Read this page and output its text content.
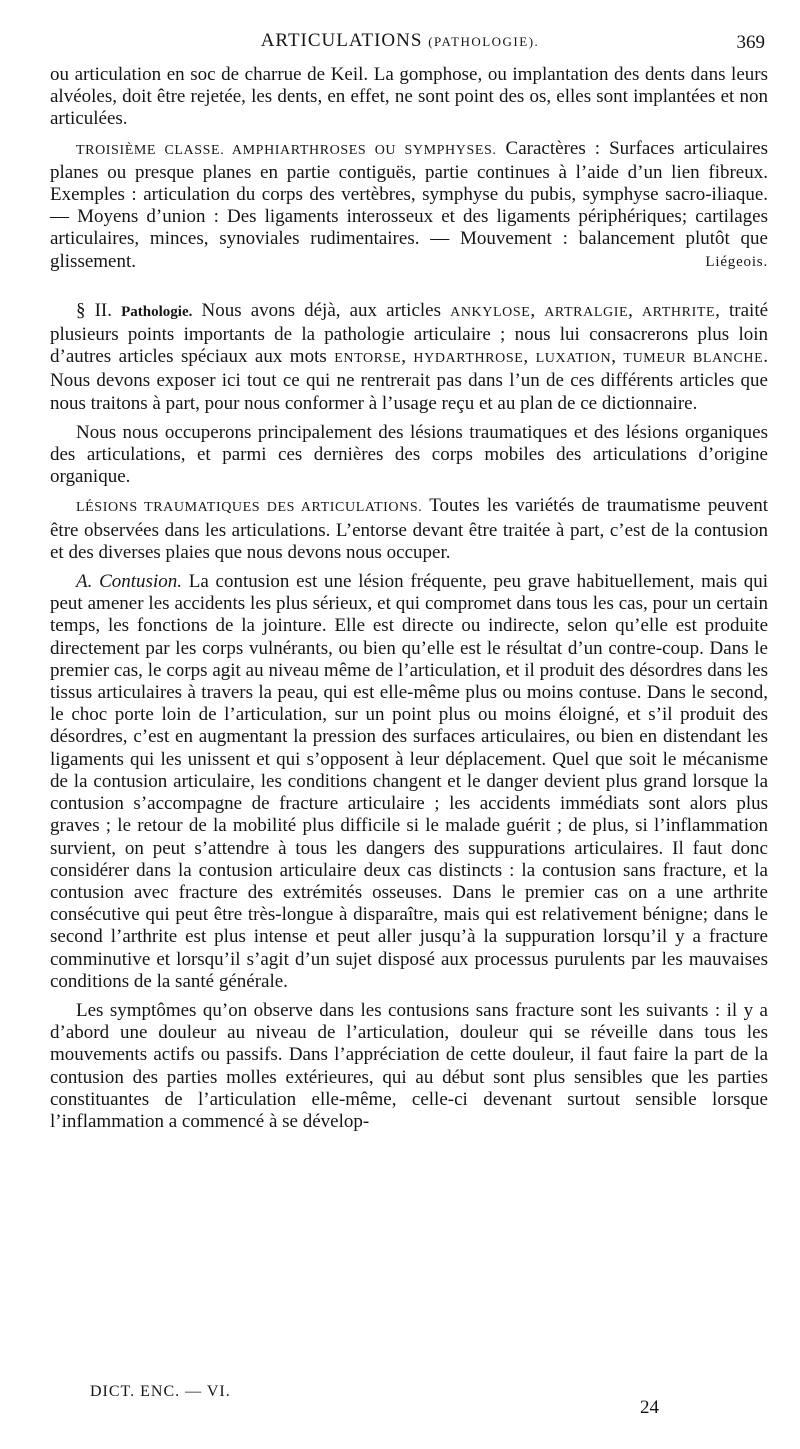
ARTICULATIONS (PATHOLOGIE).	369

ou articulation en soc de charrue de Keil. La gomphose, ou implantation des dents dans leurs alvéoles, doit être rejetée, les dents, en effet, ne sont point des os, elles sont implantées et non articulées.

TROISIÈME CLASSE. AMPHIARTHROSES OU SYMPHYSES. Caractères : Surfaces articulaires planes ou presque planes en partie contiguës, partie continues à l’aide d’un lien fibreux. Exemples : articulation du corps des vertèbres, symphyse du pubis, symphyse sacro-iliaque. — Moyens d’union : Des ligaments interosseux et des ligaments périphériques; cartilages articulaires, minces, synoviales rudimentaires. — Mouvement : balancement plutôt que glissement.	Liégeois.

§ II. Pathologie. Nous avons déjà, aux articles ANKYLOSE, ARTRALGIE, ARTHRITE, traité plusieurs points importants de la pathologie articulaire ; nous lui consacrerons plus loin d’autres articles spéciaux aux mots ENTORSE, HYDARTHROSE, LUXATION, TUMEUR BLANCHE. Nous devons exposer ici tout ce qui ne rentrerait pas dans l’un de ces différents articles que nous traitons à part, pour nous conformer à l’usage reçu et au plan de ce dictionnaire.

Nous nous occuperons principalement des lésions traumatiques et des lésions organiques des articulations, et parmi ces dernières des corps mobiles des articulations d’origine organique.

LÉSIONS TRAUMATIQUES DES ARTICULATIONS. Toutes les variétés de traumatisme peuvent être observées dans les articulations. L’entorse devant être traitée à part, c’est de la contusion et des diverses plaies que nous devons nous occuper.

A. Contusion. La contusion est une lésion fréquente, peu grave habituellement, mais qui peut amener les accidents les plus sérieux, et qui compromet dans tous les cas, pour un certain temps, les fonctions de la jointure. Elle est directe ou indirecte, selon qu’elle est produite directement par les corps vulnérants, ou bien qu’elle est le résultat d’un contre-coup. Dans le premier cas, le corps agit au niveau même de l’articulation, et il produit des désordres dans les tissus articulaires à travers la peau, qui est elle-même plus ou moins contuse. Dans le second, le choc porte loin de l’articulation, sur un point plus ou moins éloigné, et s’il produit des désordres, c’est en augmentant la pression des surfaces articulaires, ou bien en distendant les ligaments qui les unissent et qui s’opposent à leur déplacement. Quel que soit le mécanisme de la contusion articulaire, les conditions changent et le danger devient plus grand lorsque la contusion s’accompagne de fracture articulaire ; les accidents immédiats sont alors plus graves ; le retour de la mobilité plus difficile si le malade guérit ; de plus, si l’inflammation survient, on peut s’attendre à tous les dangers des suppurations articulaires. Il faut donc considérer dans la contusion articulaire deux cas distincts : la contusion sans fracture, et la contusion avec fracture des extrémités osseuses. Dans le premier cas on a une arthrite consécutive qui peut être très-longue à disparaître, mais qui est relativement bénigne; dans le second l’arthrite est plus intense et peut aller jusqu’à la suppuration lorsqu’il y a fracture comminutive et lorsqu’il s’agit d’un sujet disposé aux processus purulents par les mauvaises conditions de la santé générale.

Les symptômes qu’on observe dans les contusions sans fracture sont les suivants : il y a d’abord une douleur au niveau de l’articulation, douleur qui se réveille dans tous les mouvements actifs ou passifs. Dans l’appréciation de cette douleur, il faut faire la part de la contusion des parties molles extérieures, qui au début sont plus sensibles que les parties constituantes de l’articulation elle-même, celle-ci devenant surtout sensible lorsque l’inflammation a commencé à se dévelop-

DICT. ENC. — VI.
24
